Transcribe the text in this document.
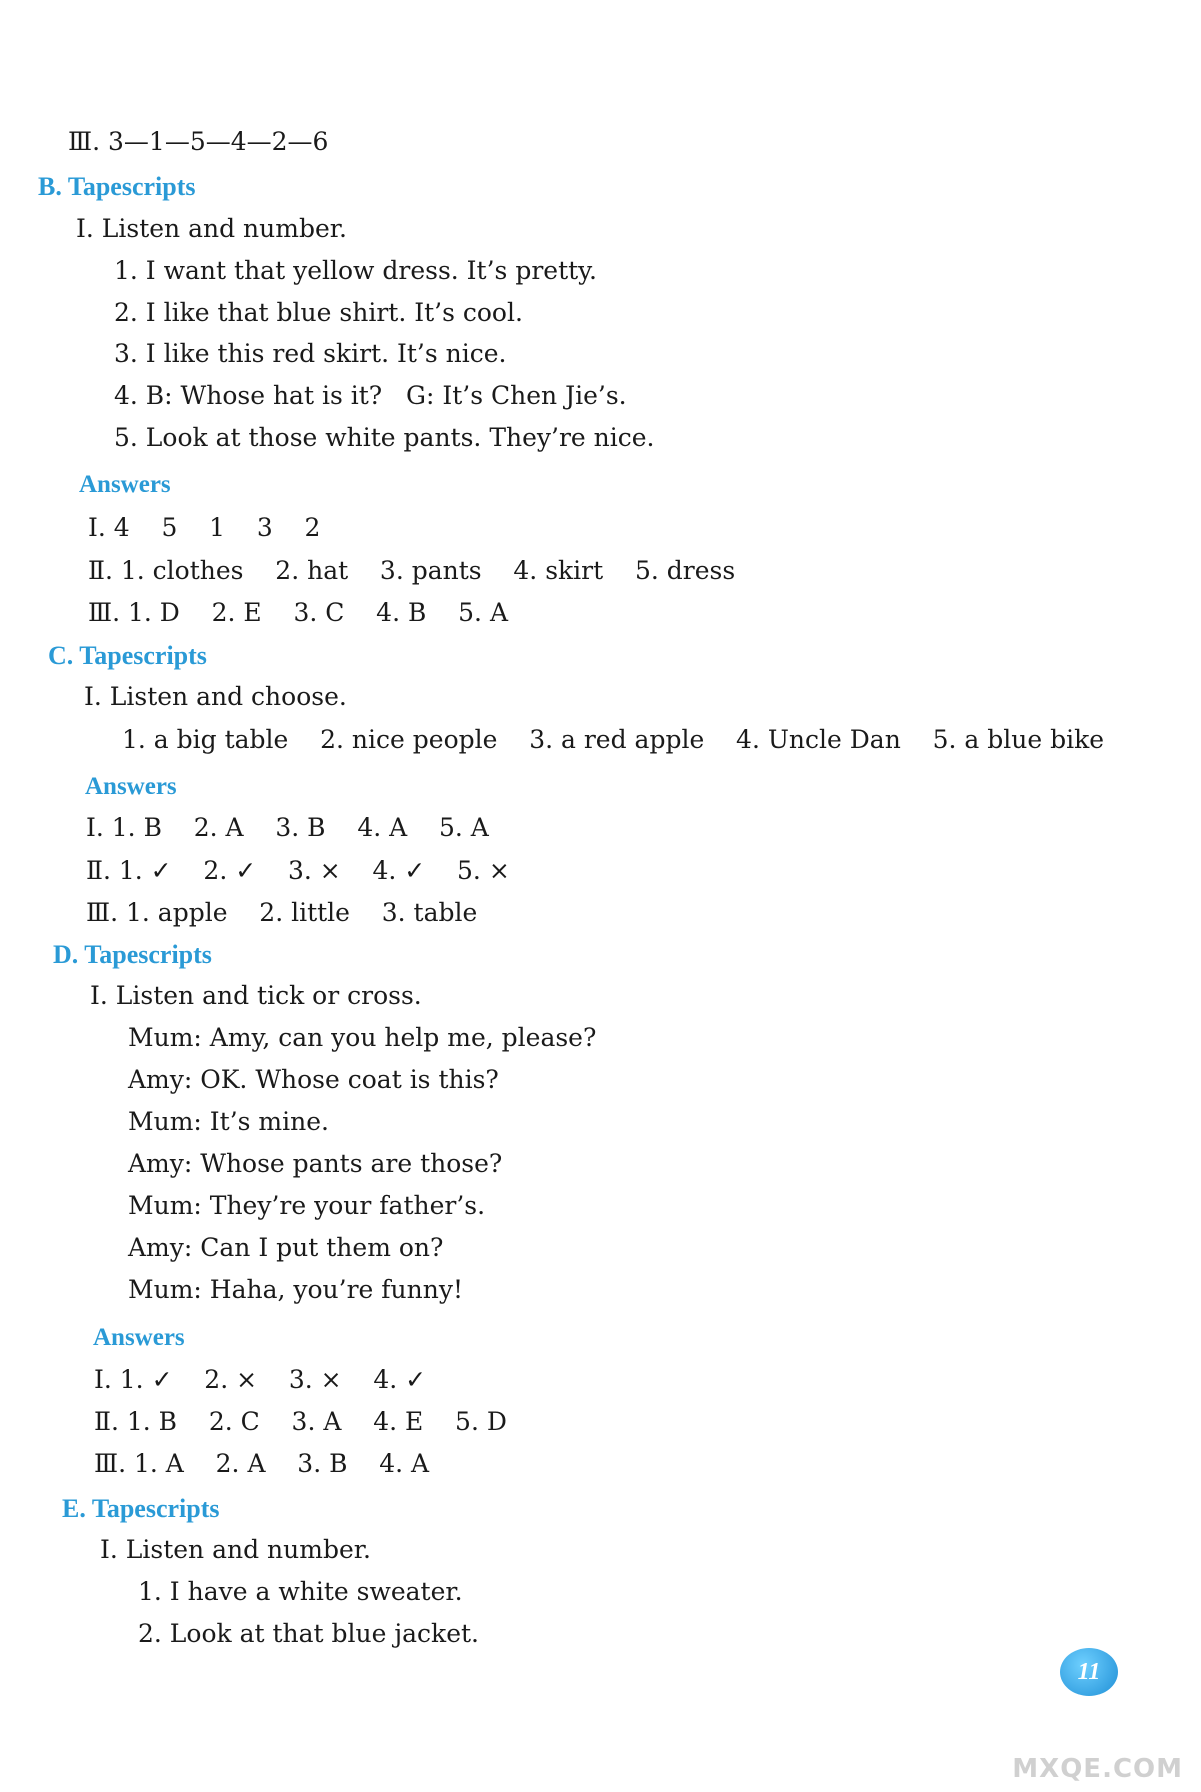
Ⅲ. 3—1—5—4—2—6
B. Tapescripts
Ⅰ. Listen and number.
1. I want that yellow dress. It’s pretty.
2. I like that blue shirt. It’s cool.
3. I like this red skirt. It’s nice.
4. B: Whose hat is it?   G: It’s Chen Jie’s.
5. Look at those white pants. They’re nice.
Answers
Ⅰ. 4    5    1    3    2
Ⅱ. 1. clothes    2. hat    3. pants    4. skirt    5. dress
Ⅲ. 1. D    2. E    3. C    4. B    5. A
C. Tapescripts
Ⅰ. Listen and choose.
1. a big table    2. nice people    3. a red apple    4. Uncle Dan    5. a blue bike
Answers
Ⅰ. 1. B    2. A    3. B    4. A    5. A
Ⅱ. 1. ✓    2. ✓    3. ×    4. ✓    5. ×
Ⅲ. 1. apple    2. little    3. table
D. Tapescripts
Ⅰ. Listen and tick or cross.
Mum: Amy, can you help me, please?
Amy: OK. Whose coat is this?
Mum: It’s mine.
Amy: Whose pants are those?
Mum: They’re your father’s.
Amy: Can I put them on?
Mum: Haha, you’re funny!
Answers
Ⅰ. 1. ✓    2. ×    3. ×    4. ✓
Ⅱ. 1. B    2. C    3. A    4. E    5. D
Ⅲ. 1. A    2. A    3. B    4. A
E. Tapescripts
Ⅰ. Listen and number.
1. I have a white sweater.
2. Look at that blue jacket.
11
MXQE.COM
